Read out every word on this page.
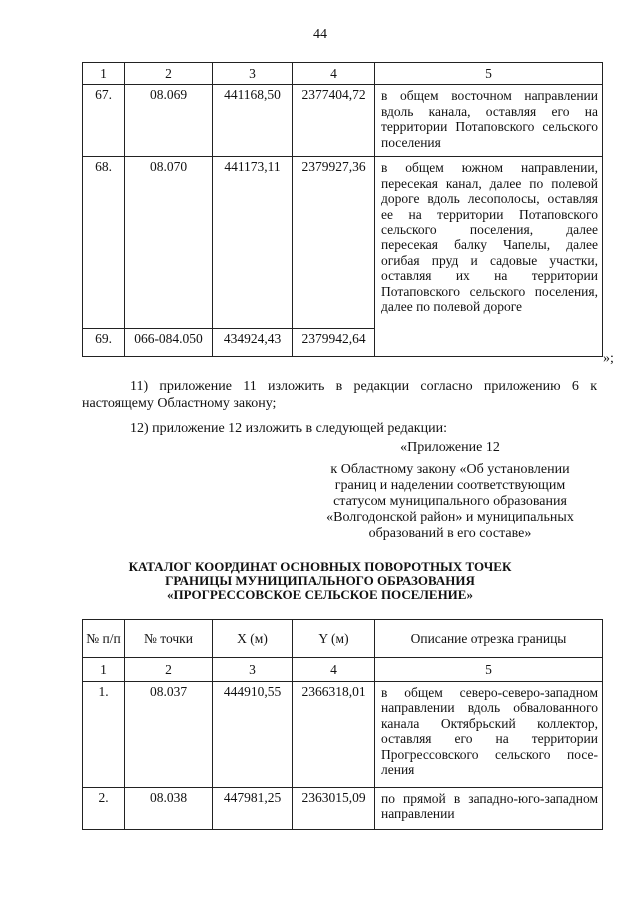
44
1	2	3	4	5
67.	08.069	441168,50	2377404,72	в общем восточном направлении вдоль канала, оставляя его на территории Потаповского сельского поселения
68.	08.070	441173,11	2379927,36	в общем южном направлении, пересекая канал, далее по полевой дороге вдоль лесополосы, оставляя ее на территории Потаповского сельского поселения, далее пересекая балку Чапелы, далее огибая пруд и садовые участки, оставляя их на территории Потаповского сельского поселения, далее по полевой дороге
69.	066-084.050	434924,43	2379942,64	
»;
11) приложение 11 изложить в редакции согласно приложению 6 к настоящему Областному закону;
12) приложение 12 изложить в следующей редакции:
«Приложение 12
к Областному закону «Об установлении
границ и наделении соответствующим
статусом муниципального образования
«Волгодонской район» и муниципальных
образований в его составе»
КАТАЛОГ КООРДИНАТ ОСНОВНЫХ ПОВОРОТНЫХ ТОЧЕК
ГРАНИЦЫ МУНИЦИПАЛЬНОГО ОБРАЗОВАНИЯ
«ПРОГРЕССОВСКОЕ СЕЛЬСКОЕ ПОСЕЛЕНИЕ»
№ п/п	№ точки	X (м)	Y (м)	Описание отрезка границы
1	2	3	4	5
1.	08.037	444910,55	2366318,01	в общем северо-северо-западном направлении вдоль обвалованного канала Октябрьский коллектор, оставляя его на территории Прогрессовского сельского поселения
2.	08.038	447981,25	2363015,09	по прямой в западно-юго-западном направлении
